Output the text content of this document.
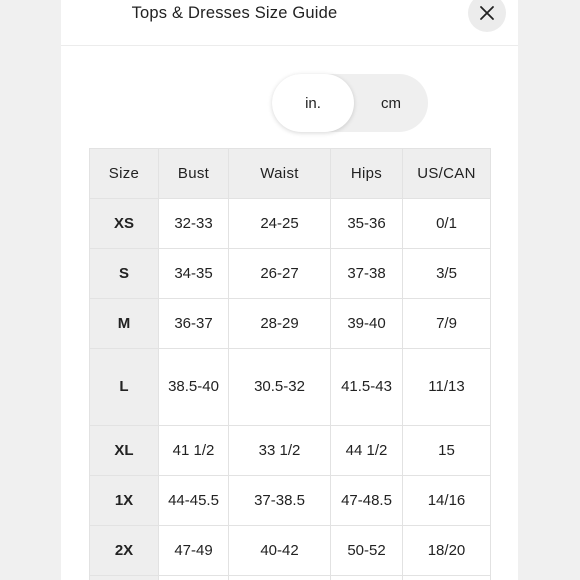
Tops & Dresses Size Guide
in.	cm
Size	Bust	Waist	Hips	US/CAN
XS	32-33	24-25	35-36	0/1
S	34-35	26-27	37-38	3/5
M	36-37	28-29	39-40	7/9
L	38.5-40	30.5-32	41.5-43	11/13
XL	41 1/2	33 1/2	44 1/2	15
1X	44-45.5	37-38.5	47-48.5	14/16
2X	47-49	40-42	50-52	18/20
